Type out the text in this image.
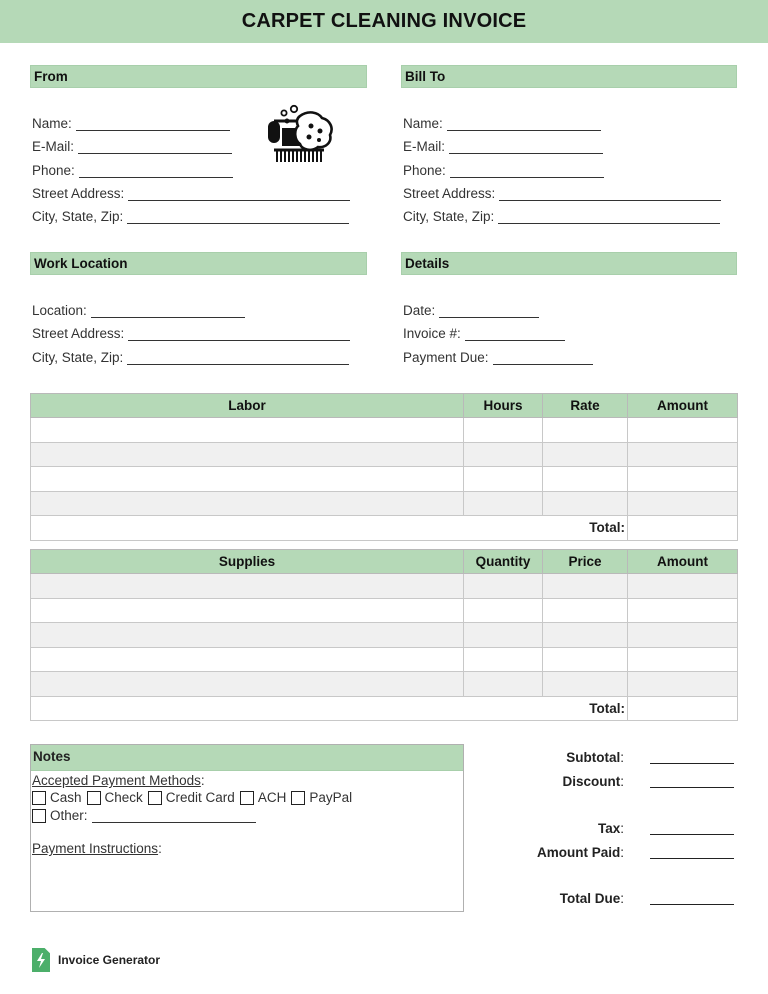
CARPET CLEANING INVOICE
From
Name:
E-Mail:
Phone:
Street Address:
City, State, Zip:
Bill To
Name:
E-Mail:
Phone:
Street Address:
City, State, Zip:
Work Location
Location:
Street Address:
City, State, Zip:
Details
Date:
Invoice #:
Payment Due:
Labor	Hours	Rate	Amount

Total:			
Supplies	Quantity	Price	Amount

Total:			
Notes
Accepted Payment Methods:
Cash Check Credit Card ACH PayPal
Other:
Payment Instructions:
Subtotal:
Discount:
Tax:
Amount Paid:
Total Due:
Invoice Generator
